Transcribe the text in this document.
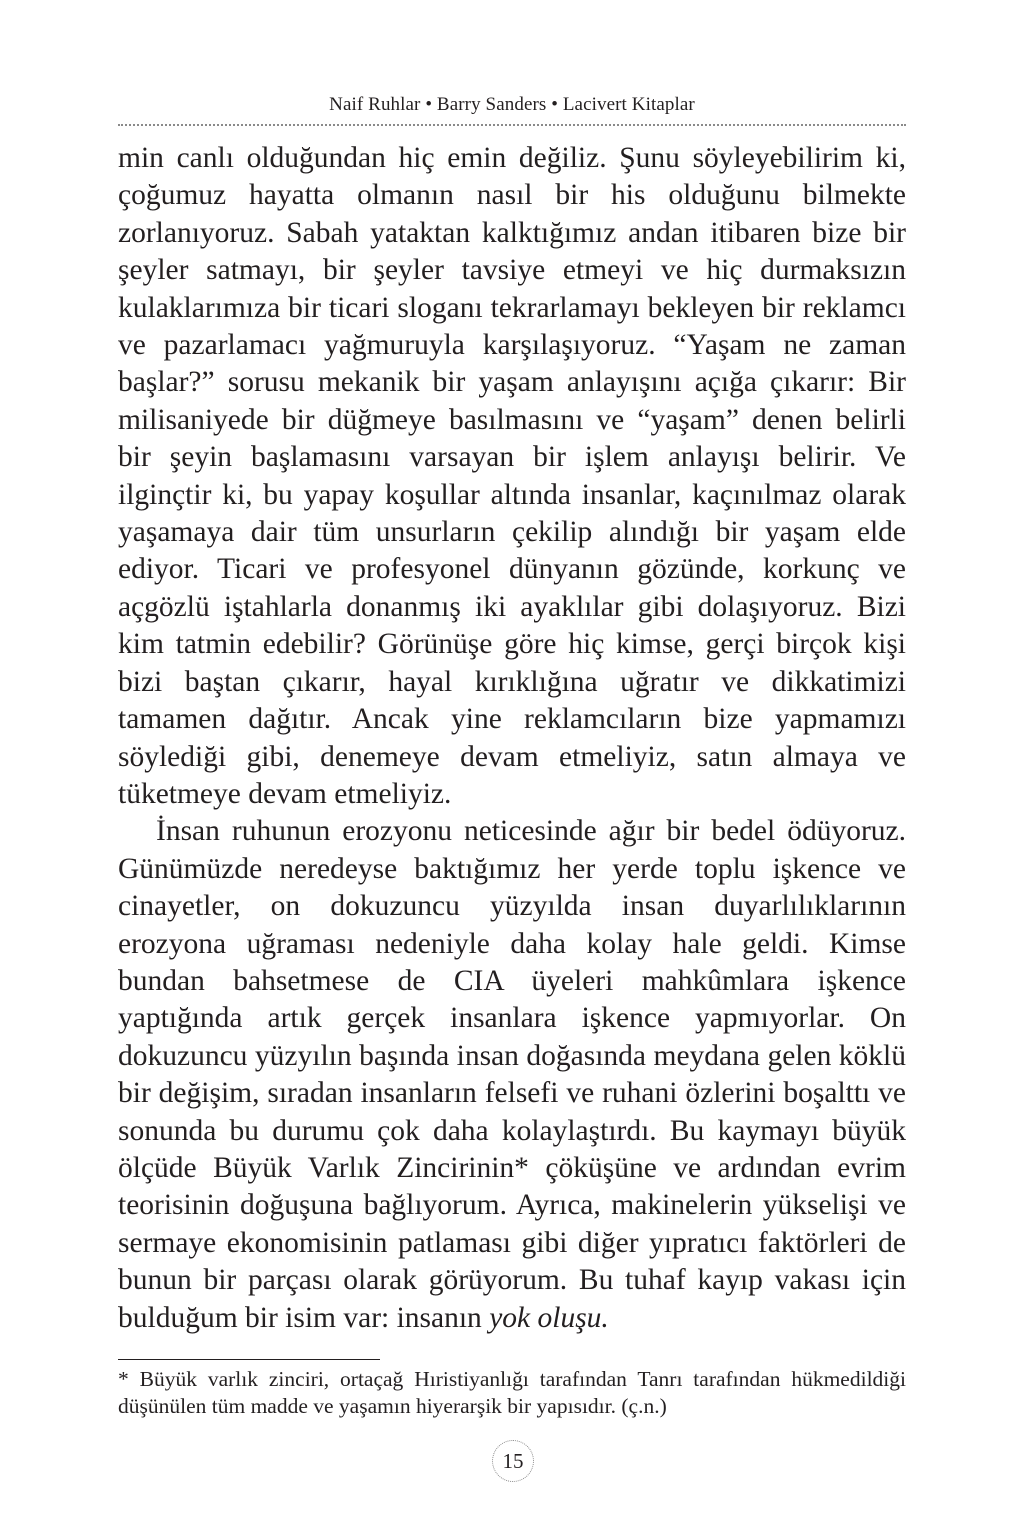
Naif Ruhlar • Barry Sanders • Lacivert Kitaplar

min canlı olduğundan hiç emin değiliz. Şunu söyleyebilirim ki, çoğumuz hayatta olmanın nasıl bir his olduğunu bilmekte zorlanıyoruz. Sabah yataktan kalktığımız andan itibaren bize bir şeyler satmayı, bir şeyler tavsiye etmeyi ve hiç durmaksızın kulaklarımıza bir ticari sloganı tekrarlamayı bekleyen bir reklamcı ve pazarlamacı yağmuruyla karşılaşıyoruz. “Yaşam ne zaman başlar?” sorusu mekanik bir yaşam anlayışını açığa çıkarır: Bir milisaniyede bir düğmeye basılmasını ve “yaşam” denen belirli bir şeyin başlamasını varsayan bir işlem anlayışı belirir. Ve ilginçtir ki, bu yapay koşullar altında insanlar, kaçınılmaz olarak yaşamaya dair tüm unsurların çekilip alındığı bir yaşam elde ediyor. Ticari ve profesyonel dünyanın gözünde, korkunç ve açgözlü iştahlarla donanmış iki ayaklılar gibi dolaşıyoruz. Bizi kim tatmin edebilir? Görünüşe göre hiç kimse, gerçi birçok kişi bizi baştan çıkarır, hayal kırıklığına uğratır ve dikkatimizi tamamen dağıtır. Ancak yine reklamcıların bize yapmamızı söylediği gibi, denemeye devam etmeliyiz, satın almaya ve tüketmeye devam etmeliyiz.

İnsan ruhunun erozyonu neticesinde ağır bir bedel ödüyoruz. Günümüzde neredeyse baktığımız her yerde toplu işkence ve cinayetler, on dokuzuncu yüzyılda insan duyarlılıklarının erozyona uğraması nedeniyle daha kolay hale geldi. Kimse bundan bahsetmese de CIA üyeleri mahkûmlara işkence yaptığında artık gerçek insanlara işkence yapmıyorlar. On dokuzuncu yüzyılın başında insan doğasında meydana gelen köklü bir değişim, sıradan insanların felsefi ve ruhani özlerini boşalttı ve sonunda bu durumu çok daha kolaylaştırdı. Bu kaymayı büyük ölçüde Büyük Varlık Zincirinin* çöküşüne ve ardından evrim teorisinin doğuşuna bağlıyorum. Ayrıca, makinelerin yükselişi ve sermaye ekonomisinin patlaması gibi diğer yıpratıcı faktörleri de bunun bir parçası olarak görüyorum. Bu tuhaf kayıp vakası için bulduğum bir isim var: insanın yok oluşu.

* Büyük varlık zinciri, ortaçağ Hıristiyanlığı tarafından Tanrı tarafından hükmedildiği düşünülen tüm madde ve yaşamın hiyerarşik bir yapısıdır. (ç.n.)
15
